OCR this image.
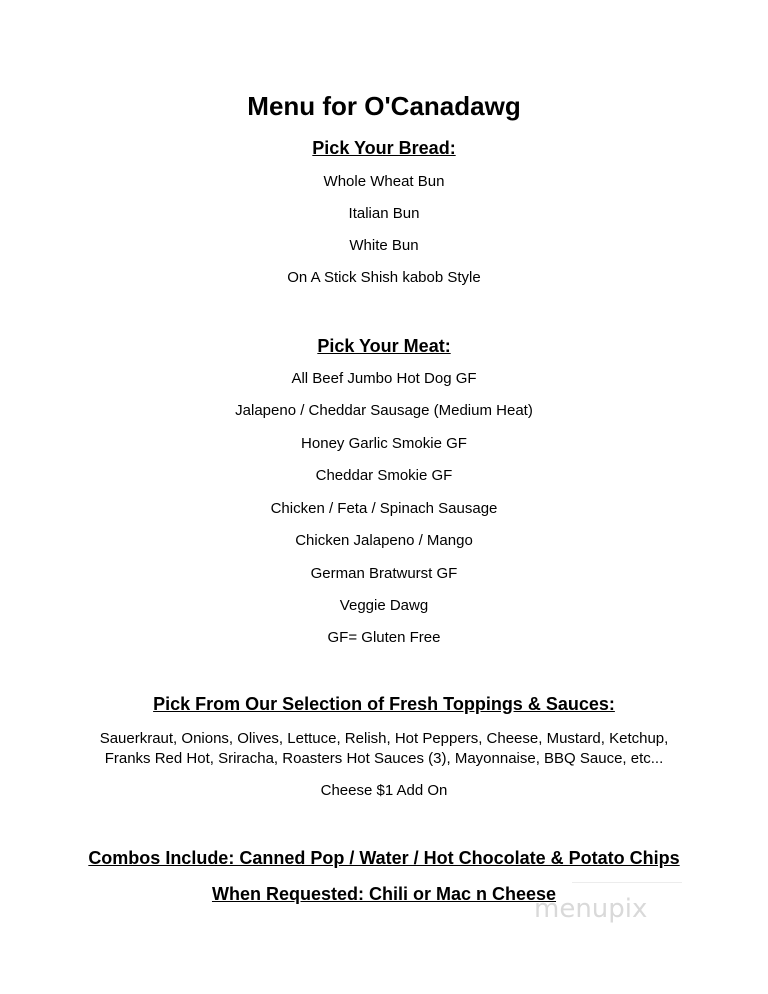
Menu for O'Canadawg
Pick Your Bread:
Whole Wheat Bun
Italian Bun
White Bun
On A Stick Shish kabob Style
Pick Your Meat:
All Beef Jumbo Hot Dog GF
Jalapeno / Cheddar Sausage (Medium Heat)
Honey Garlic Smokie GF
Cheddar Smokie GF
Chicken / Feta / Spinach Sausage
Chicken Jalapeno / Mango
German Bratwurst GF
Veggie Dawg
GF= Gluten Free
Pick From Our Selection of Fresh Toppings & Sauces:
Sauerkraut, Onions, Olives, Lettuce, Relish, Hot Peppers, Cheese, Mustard, Ketchup,
Franks Red Hot, Sriracha, Roasters Hot Sauces (3), Mayonnaise, BBQ Sauce, etc...
Cheese $1 Add On
Combos Include: Canned Pop / Water / Hot Chocolate & Potato Chips
When Requested: Chili or Mac n Cheese
menupix
